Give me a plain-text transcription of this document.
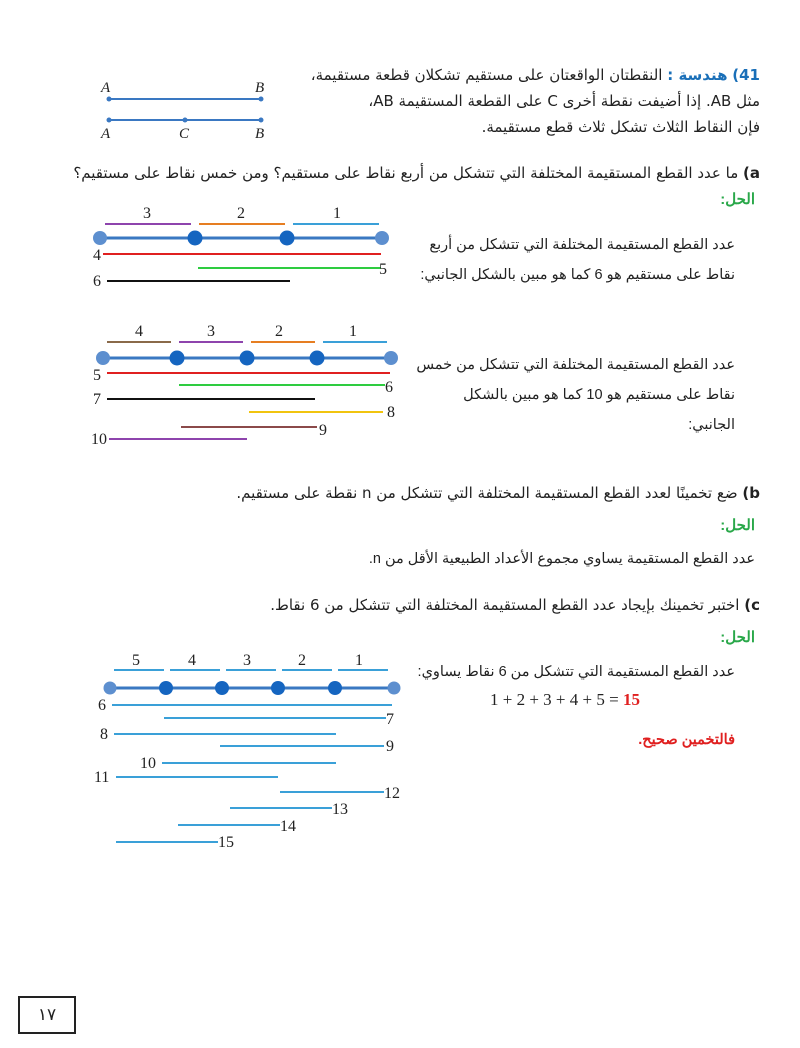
41) هندسة : النقطتان الواقعتان على مستقيم تشكلان قطعة مستقيمة،
مثل AB. إذا أضيفت نقطة أخرى C على القطعة المستقيمة AB،
فإن النقاط الثلاث تشكل ثلاث قطع مستقيمة.
A	B
A	C	B
a) ما عدد القطع المستقيمة المختلفة التي تتشكل من أربع نقاط على مستقيم؟ ومن خمس نقاط على مستقيم؟
الحل:
عدد القطع المستقيمة المختلفة التي تتشكل من أربع نقاط على مستقيم هو 6 كما هو مبين بالشكل الجانبي:
3	2	1
4
5
6
عدد القطع المستقيمة المختلفة التي تتشكل من خمس نقاط على مستقيم هو 10 كما هو مبين بالشكل الجانبي:
4	3	2	1
5
6
7
8
9
10
b) ضع تخمينًا لعدد القطع المستقيمة المختلفة التي تتشكل من n نقطة على مستقيم.
الحل:
عدد القطع المستقيمة يساوي مجموع الأعداد الطبيعية الأقل من n.
c) اختبر تخمينك بإيجاد عدد القطع المستقيمة المختلفة التي تتشكل من 6 نقاط.
الحل:
عدد القطع المستقيمة التي تتشكل من 6 نقاط يساوي:
1 + 2 + 3 + 4 + 5 = 15
فالتخمين صحيح.
5	4	3	2	1
6
7
8
9
10
11
12
13
14
15
١٧
